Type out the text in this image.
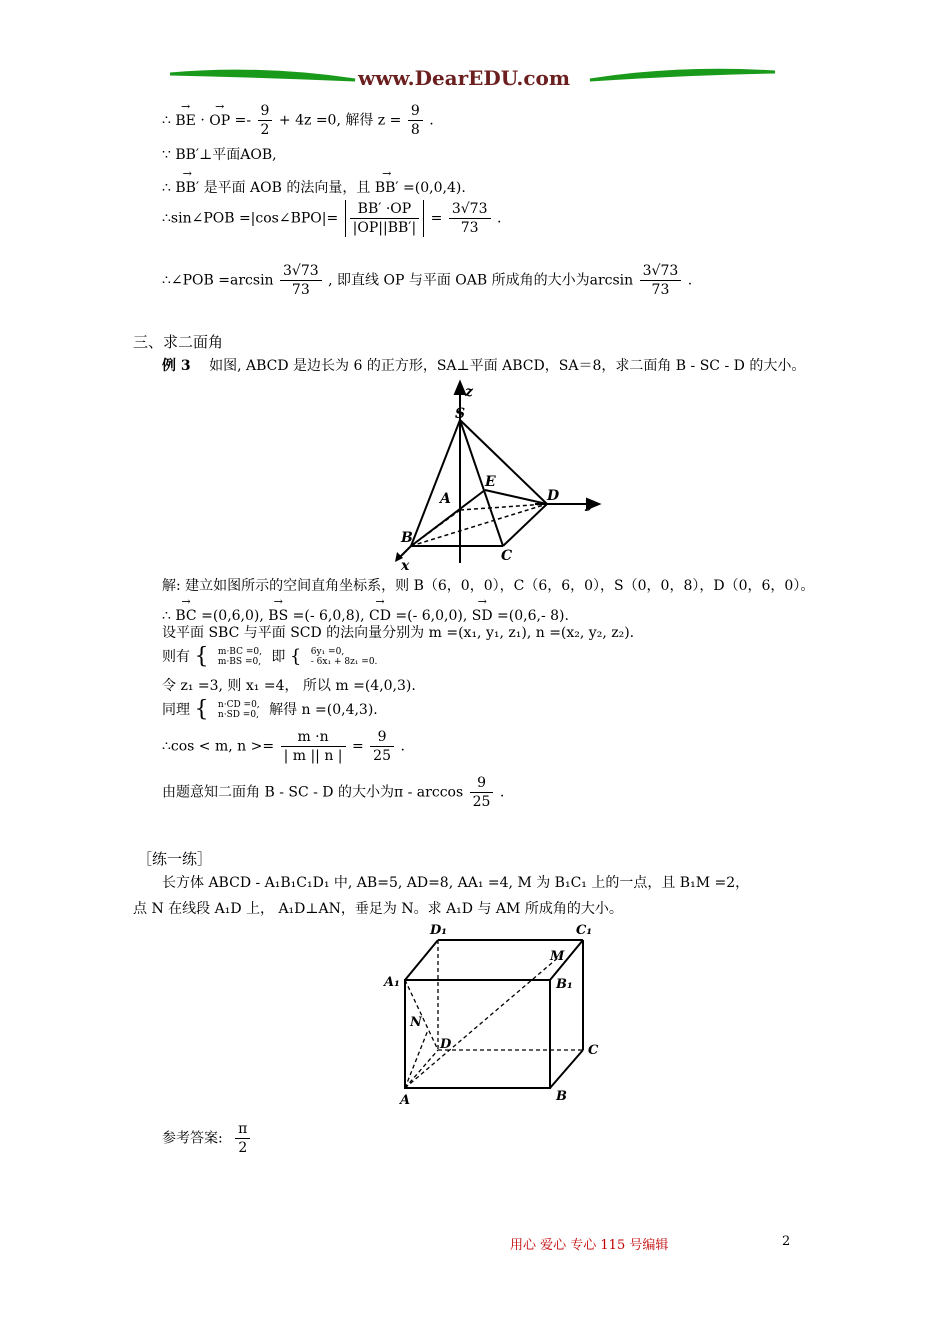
www.DearEDU.com
∴ → BE · → OP =- $\frac{9}{2} + 4z =0$, 解得 $z = \frac{9}{8}$ .
∵ BB′⊥平面AOB,
∴ → BB′ 是平面 AOB 的法向量，且 → BB′ =(0,0,4).
∴sin∠POB =|cos∠BPO|= $\frac{BB' \cdot OP}{|OP||BB'|} = \frac{3√73}{73}$ .
∴∠POB $=\arcsin \frac{3√73}{73}$ , 即直线 OP 与平面 OAB 所成角的大小为$\arcsin \frac{3√73}{73}$ .
三、求二面角
例 3 如图, ABCD 是边长为 6 的正方形，SA⊥平面 ABCD，SA＝8，求二面角 B - SC - D 的大小。
z
S
E
A	D y
B
C
x
解: 建立如图所示的空间直角坐标系，则 B（6，0，0），C（6，6，0），S（0，0，8），D（0，6，0）。
∴ → BC =(0,6,0), → BS =(- 6,0,8), → CD =(- 6,0,0), → SD =(0,6,- 8).
设平面 SBC 与平面 SCD 的法向量分别为 m =(x₁, y₁, z₁), n =(x₂, y₂, z₂).
则有 {	m·BC =0,
m·BS =0, 即 {	6y₁ =0,
- 6x₁ + 8z₁ =0.
令 z₁ =3, 则 x₁ =4， 所以 m =(4,0,3).
同理 {	n·CD =0,
n·SD =0, 解得 n =(0,4,3).
∴cos < m, $n >= \frac{m \cdot n}{| m || n |} = \frac{9}{25}$ .
由题意知二面角 B - SC - D 的大小为π - $\arccos \frac{9}{25}$ .
［练一练］
长方体 ABCD - A₁B₁C₁D₁ 中, AB=5, AD=8, AA₁ =4, M 为 B₁C₁ 上的一点，且 B₁M =2，
点 N 在线段 A₁D 上， A₁D⊥AN，垂足为 N。求 A₁D 与 AM 所成角的大小。
D₁	C₁
M
A₁	B₁
N
D	C
A	B
参考答案: $\frac{\pi}{2}$
用心 爱心 专心 115 号编辑	2
